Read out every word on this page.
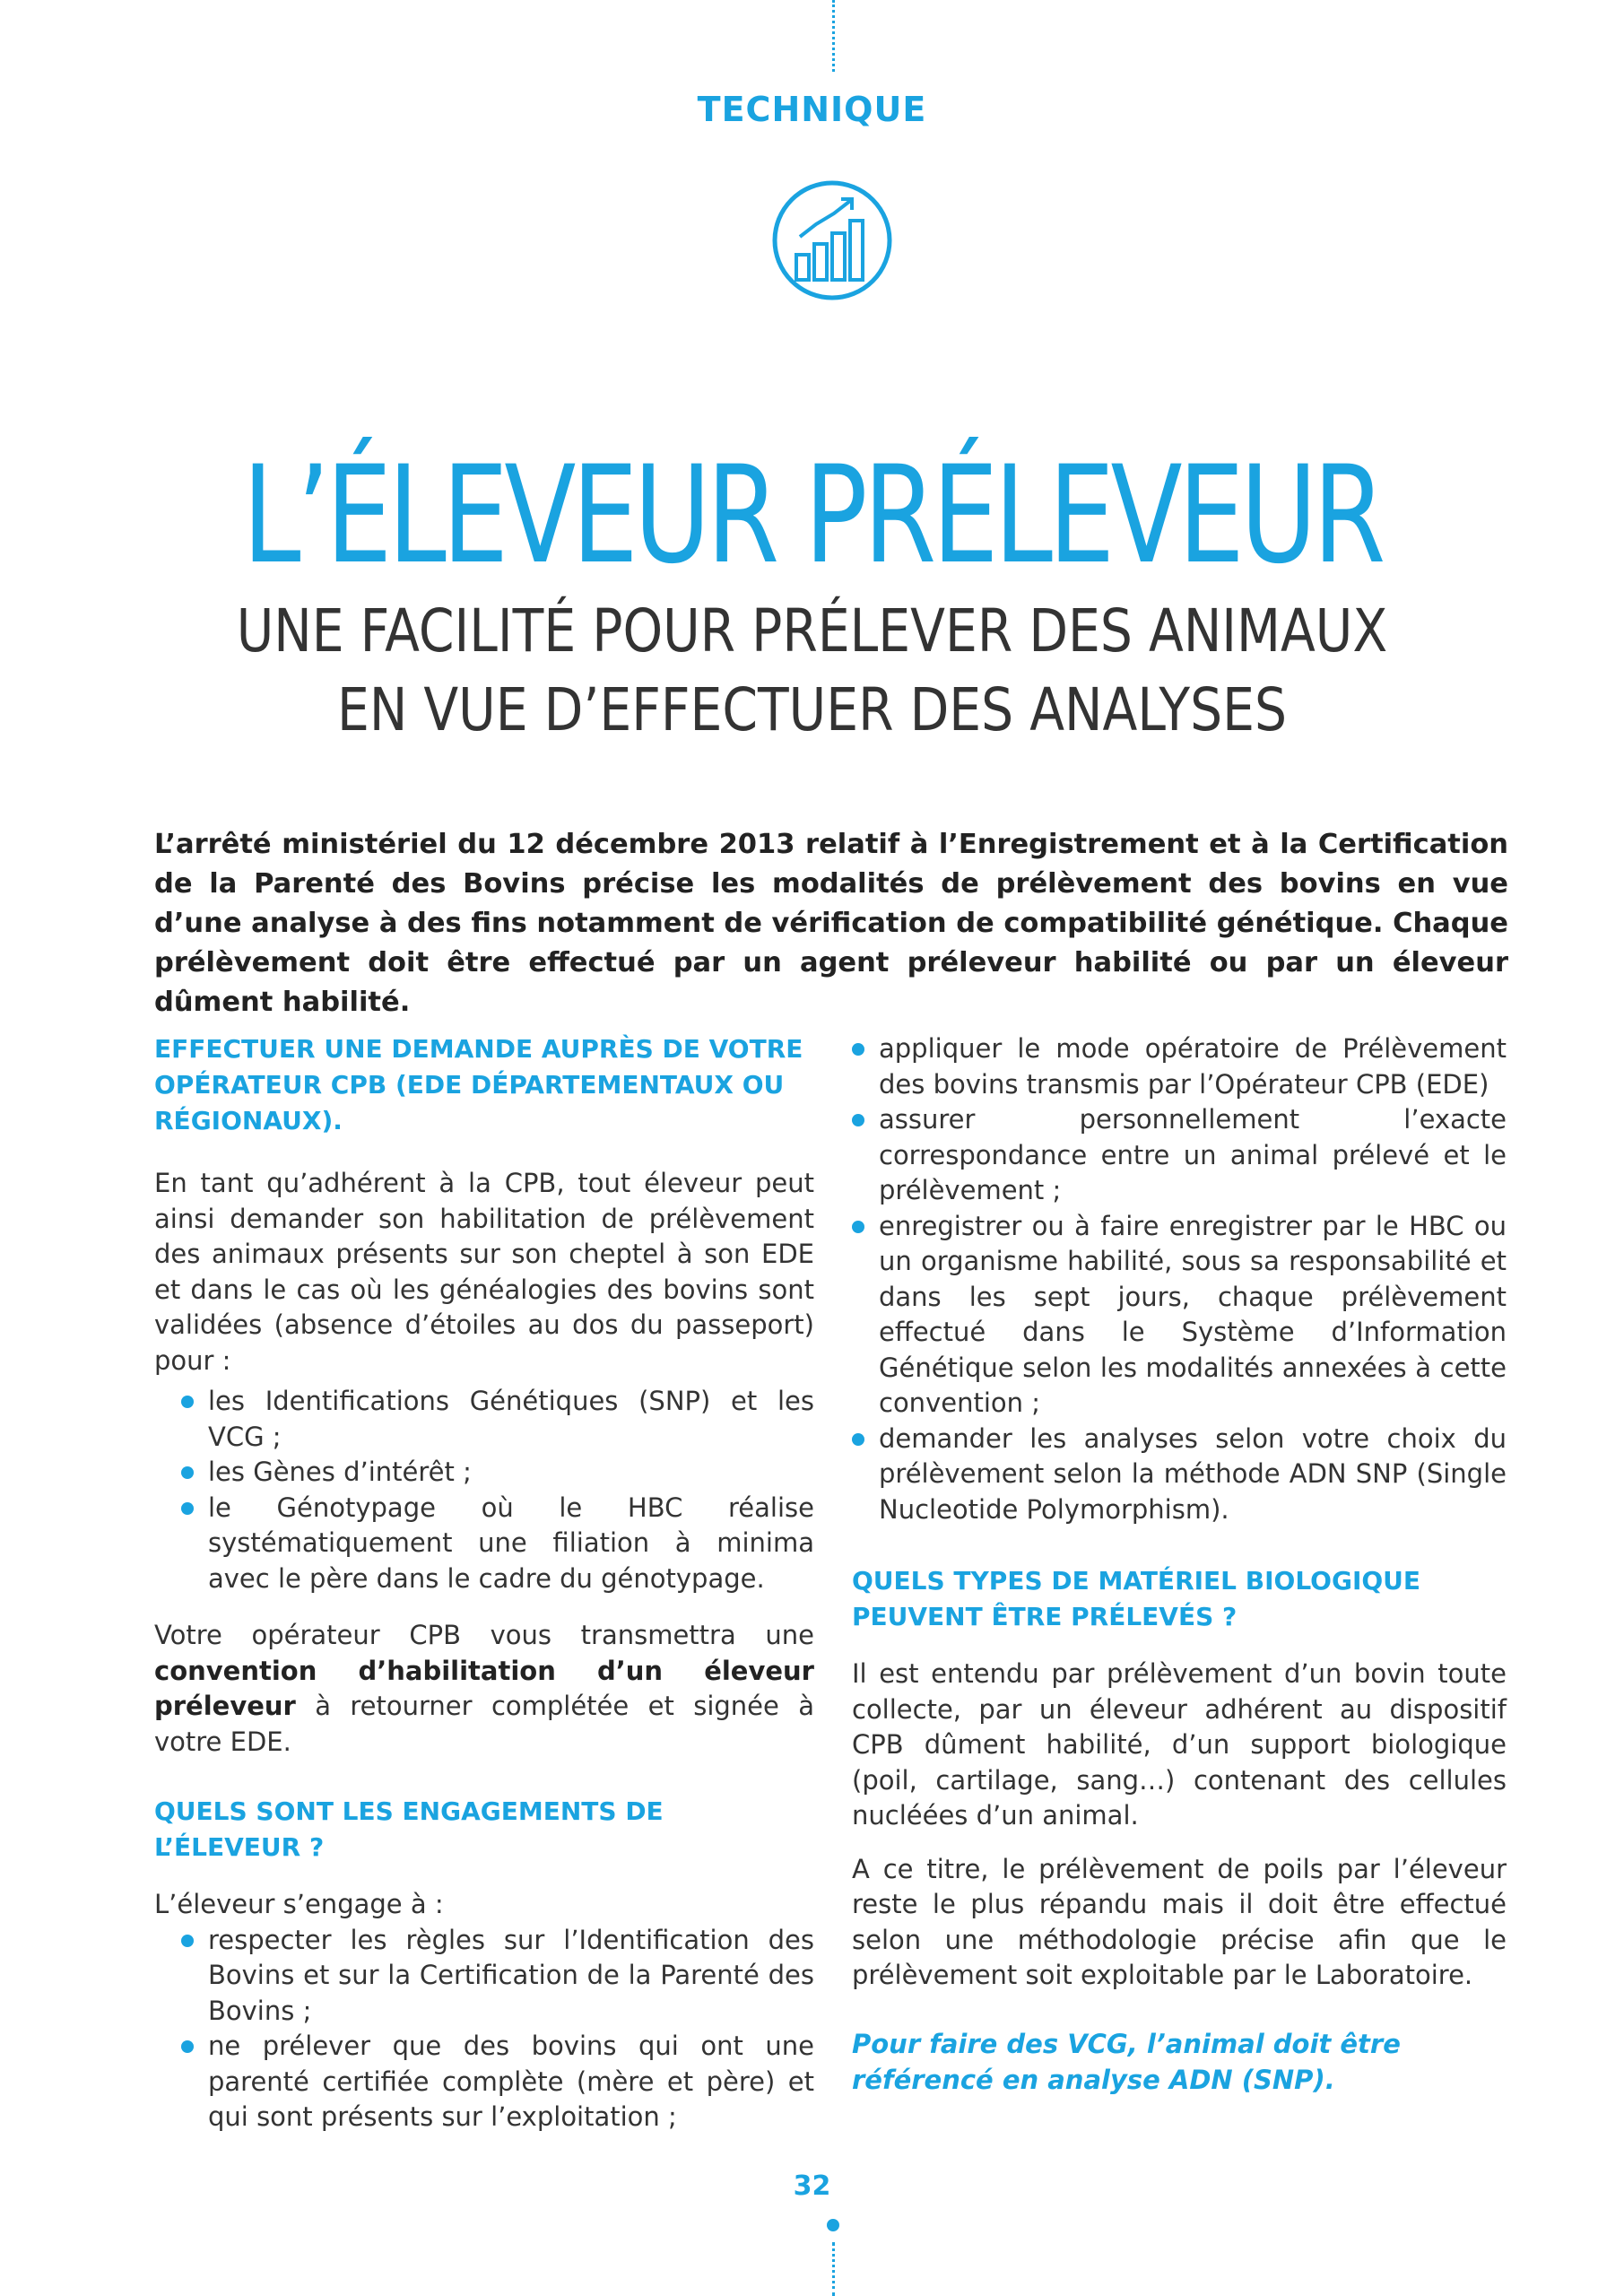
TECHNIQUE
L’ÉLEVEUR PRÉLEVEUR
UNE FACILITÉ POUR PRÉLEVER DES ANIMAUX
EN VUE D’EFFECTUER DES ANALYSES
L’arrêté ministériel du 12 décembre 2013 relatif à l’Enregistrement et à la Certification de la Parenté des Bovins précise les modalités de prélèvement des bovins en vue d’une analyse à des fins notamment de vérification de compatibilité génétique. Chaque prélèvement doit être effectué par un agent préleveur habilité ou par un éleveur dûment habilité.
EFFECTUER UNE DEMANDE AUPRÈS DE VOTRE OPÉRATEUR CPB (EDE DÉPARTEMENTAUX OU RÉGIONAUX).
En tant qu’adhérent à la CPB, tout éleveur peut ainsi demander son habilitation de prélèvement des animaux présents sur son cheptel à son EDE et dans le cas où les généalogies des bovins sont validées (absence d’étoiles au dos du passeport) pour :
les Identifications Génétiques (SNP) et les VCG ;
les Gènes d’intérêt ;
le Génotypage où le HBC réalise systématiquement une filiation à minima avec le père dans le cadre du génotypage.
Votre opérateur CPB vous transmettra une convention d’habilitation d’un éleveur préleveur à retourner complétée et signée à votre EDE.
QUELS SONT LES ENGAGEMENTS DE L’ÉLEVEUR ?
L’éleveur s’engage à :
respecter les règles sur l’Identification des Bovins et sur la Certification de la Parenté des Bovins ;
ne prélever que des bovins qui ont une parenté certifiée complète (mère et père) et qui sont présents sur l’exploitation ;
appliquer le mode opératoire de Prélèvement des bovins transmis par l’Opérateur CPB (EDE)
assurer personnellement l’exacte correspondance entre un animal prélevé et le prélèvement ;
enregistrer ou à faire enregistrer par le HBC ou un organisme habilité, sous sa responsabilité et dans les sept jours, chaque prélèvement effectué dans le Système d’Information Génétique selon les modalités annexées à cette convention ;
demander les analyses selon votre choix du prélèvement selon la méthode ADN SNP (Single Nucleotide Polymorphism).
QUELS TYPES DE MATÉRIEL BIOLOGIQUE PEUVENT ÊTRE PRÉLEVÉS ?
Il est entendu par prélèvement d’un bovin toute collecte, par un éleveur adhérent au dispositif CPB dûment habilité, d’un support biologique (poil, cartilage, sang…) contenant des cellules nucléées d’un animal.
A ce titre, le prélèvement de poils par l’éleveur reste le plus répandu mais il doit être effectué selon une méthodologie précise afin que le prélèvement soit exploitable par le Laboratoire.
Pour faire des VCG, l’animal doit être référencé en analyse ADN (SNP).
32
